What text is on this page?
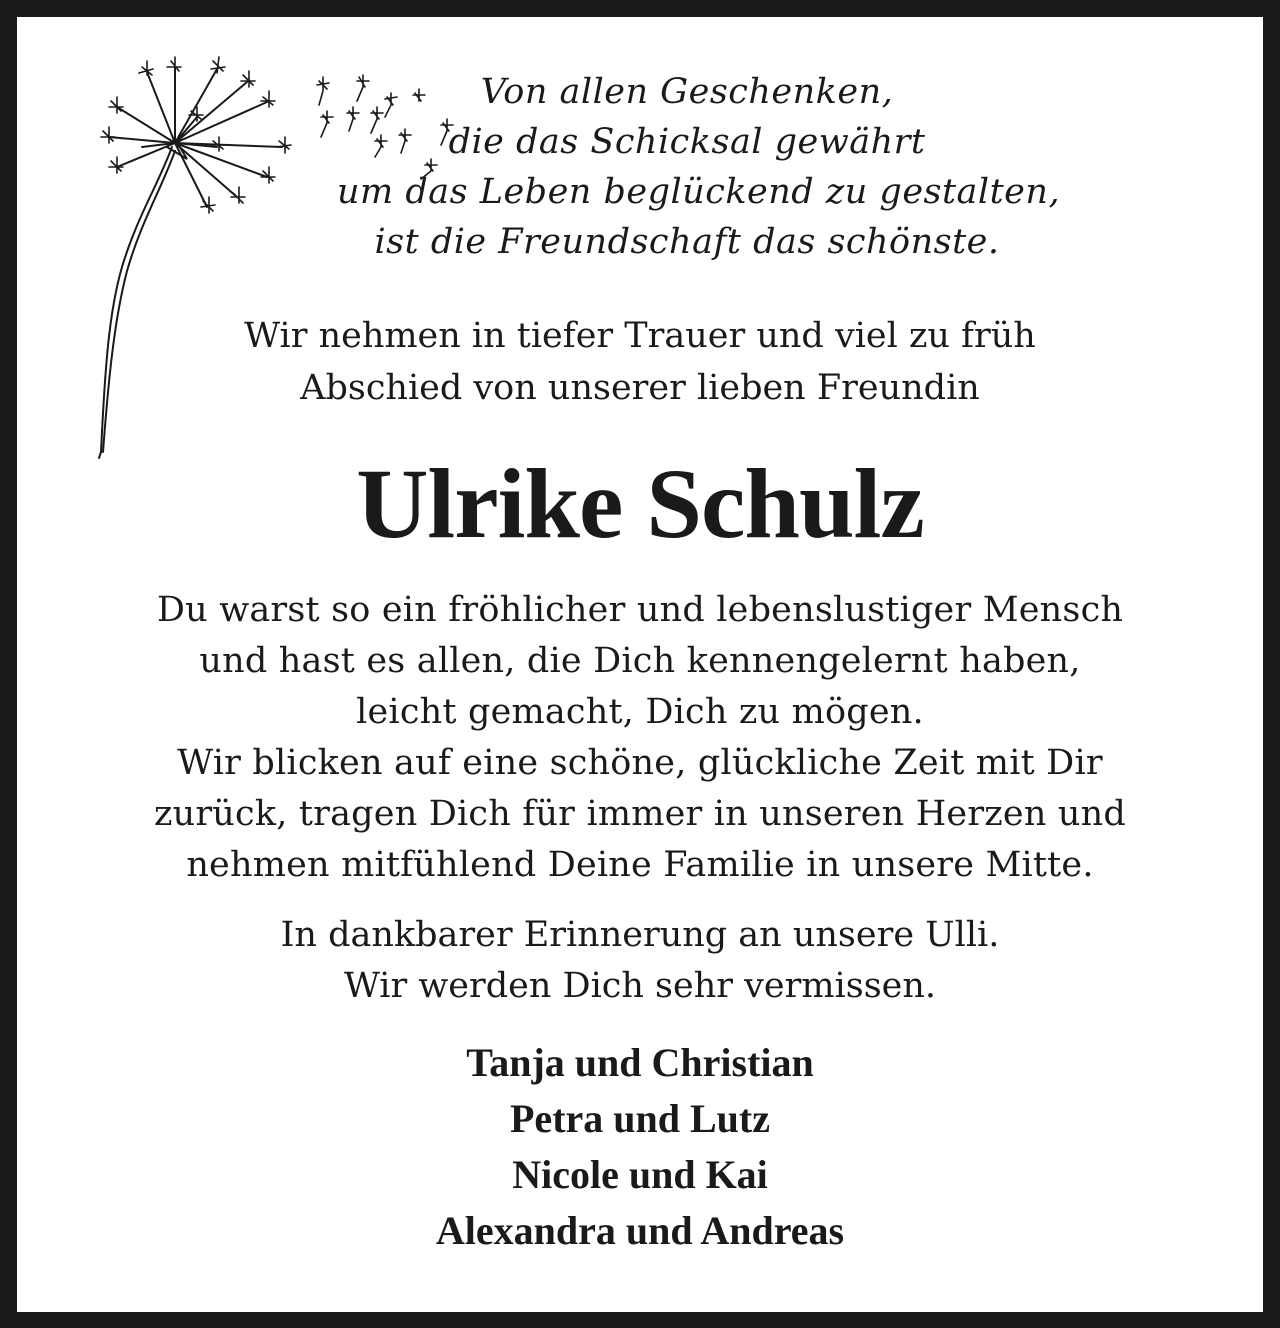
Von allen Geschenken,
die das Schicksal gewährt
um das Leben beglückend zu gestalten,
ist die Freundschaft das schönste.
Wir nehmen in tiefer Trauer und viel zu früh
Abschied von unserer lieben Freundin
Ulrike Schulz
Du warst so ein fröhlicher und lebenslustiger Mensch
und hast es allen, die Dich kennengelernt haben,
leicht gemacht, Dich zu mögen.
Wir blicken auf eine schöne, glückliche Zeit mit Dir
zurück, tragen Dich für immer in unseren Herzen und
nehmen mitfühlend Deine Familie in unsere Mitte.
In dankbarer Erinnerung an unsere Ulli.
Wir werden Dich sehr vermissen.
Tanja und Christian
Petra und Lutz
Nicole und Kai
Alexandra und Andreas
